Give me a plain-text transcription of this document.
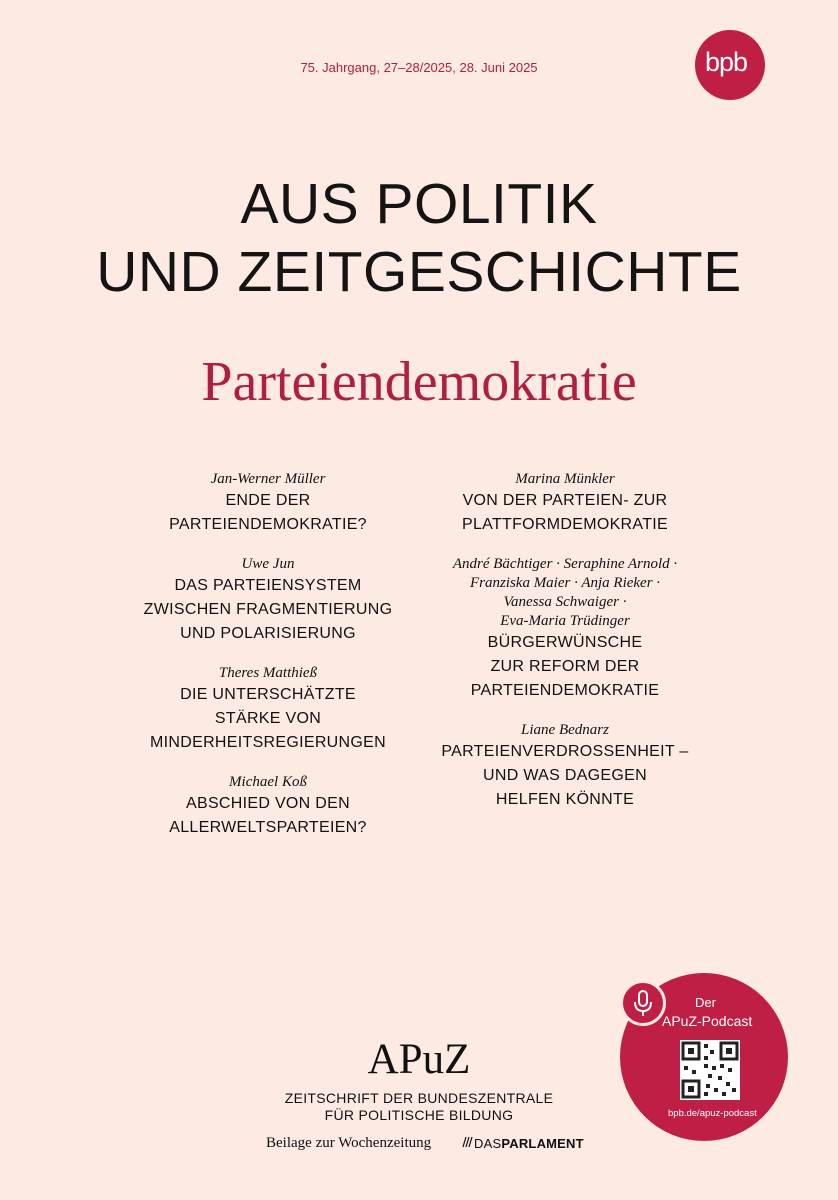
75. Jahrgang, 27–28/2025, 28. Juni 2025	bpb :
AUS POLITIK
UND ZEITGESCHICHTE
Parteiendemokratie
Jan-Werner Müller
ENDE DER
PARTEIENDEMOKRATIE?
Uwe Jun
DAS PARTEIENSYSTEM
ZWISCHEN FRAGMENTIERUNG
UND POLARISIERUNG
Theres Matthieß
DIE UNTERSCHÄTZTE
STÄRKE VON
MINDERHEITSREGIERUNGEN
Michael Koß
ABSCHIED VON DEN
ALLERWELTSPARTEIEN?
Marina Münkler
VON DER PARTEIEN- ZUR
PLATTFORMDEMOKRATIE
André Bächtiger · Seraphine Arnold ·
Franziska Maier · Anja Rieker ·
Vanessa Schwaiger ·
Eva-Maria Trüdinger
BÜRGERWÜNSCHE
ZUR REFORM DER
PARTEIENDEMOKRATIE
Liane Bednarz
PARTEIENVERDROSSENHEIT –
UND WAS DAGEGEN
HELFEN KÖNNTE
APuZ
ZEITSCHRIFT DER BUNDESZENTRALE
FÜR POLITISCHE BILDUNG
Beilage zur Wochenzeitung	DASPARLAMENT
Der
APuZ-Podcast
bpb.de/apuz-podcast
